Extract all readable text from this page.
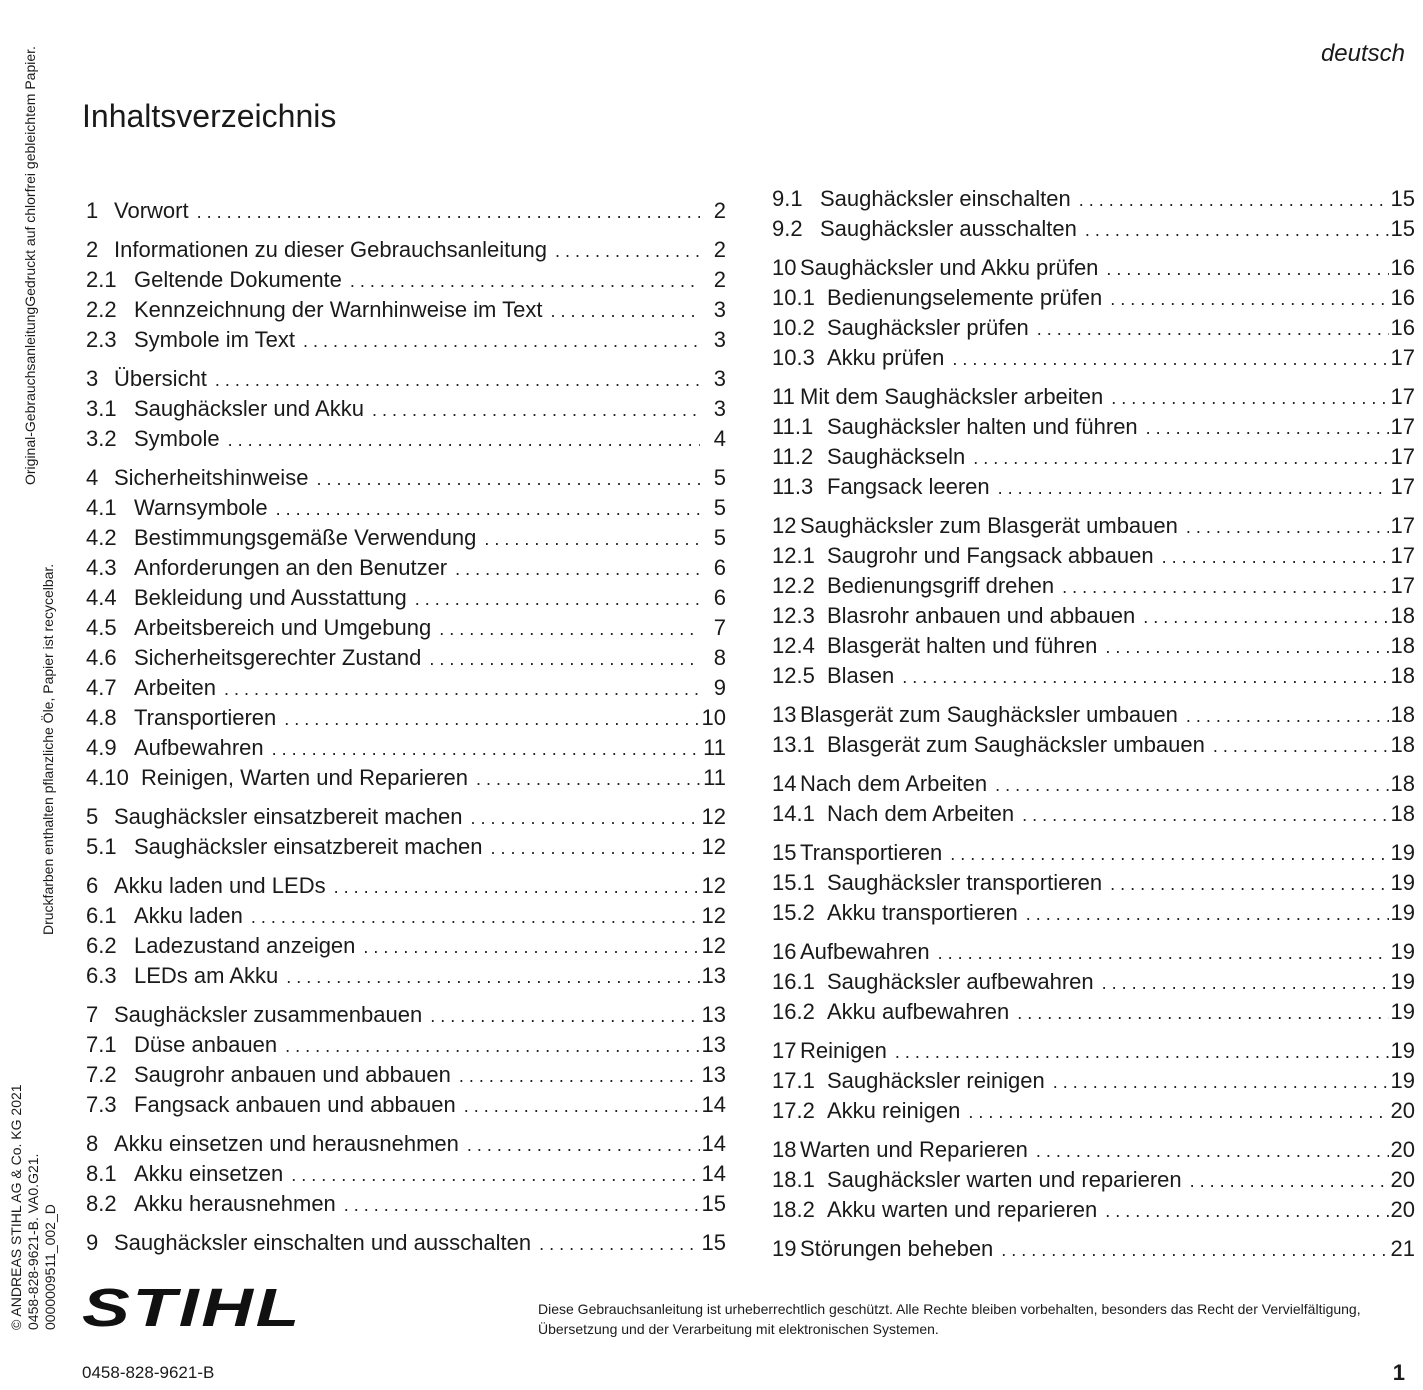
deutsch
Inhaltsverzeichnis
Original-GebrauchsanleitungGedruckt auf chlorfrei gebleichtem Papier.
Druckfarben enthalten pflanzliche Öle, Papier ist recycelbar.
© ANDREAS STIHL AG & Co. KG 2021 0458-828-9621-B. VA0.G21. 0000009511_002_D
1 Vorwort . . .	2
2 Informationen zu dieser Gebrauchsanleitung . . .	2
2.1 Geltende Dokumente . . .	2
2.2 Kennzeichnung der Warnhinweise im Text . . .	3
2.3 Symbole im Text . . .	3
3 Übersicht . . .	3
3.1 Saughäcksler und Akku . . .	3
3.2 Symbole . . .	4
4 Sicherheitshinweise . . .	5
4.1 Warnsymbole . . .	5
4.2 Bestimmungsgemäße Verwendung . . .	5
4.3 Anforderungen an den Benutzer . . .	6
4.4 Bekleidung und Ausstattung . . .	6
4.5 Arbeitsbereich und Umgebung . . .	7
4.6 Sicherheitsgerechter Zustand . . .	8
4.7 Arbeiten . . .	9
4.8 Transportieren . . .	10
4.9 Aufbewahren . . .	11
4.10 Reinigen, Warten und Reparieren . . .	11
5 Saughäcksler einsatzbereit machen . . .	12
5.1 Saughäcksler einsatzbereit machen . . .	12
6 Akku laden und LEDs . . .	12
6.1 Akku laden . . .	12
6.2 Ladezustand anzeigen . . .	12
6.3 LEDs am Akku . . .	13
7 Saughäcksler zusammenbauen . . .	13
7.1 Düse anbauen . . .	13
7.2 Saugrohr anbauen und abbauen . . .	13
7.3 Fangsack anbauen und abbauen . . .	14
8 Akku einsetzen und herausnehmen . . .	14
8.1 Akku einsetzen . . .	14
8.2 Akku herausnehmen . . .	15
9 Saughäcksler einschalten und ausschalten . . .	15
9.1 Saughäcksler einschalten . . .	15
9.2 Saughäcksler ausschalten . . .	15
10 Saughäcksler und Akku prüfen . . .	16
10.1 Bedienungselemente prüfen . . .	16
10.2 Saughäcksler prüfen . . .	16
10.3 Akku prüfen . . .	17
11 Mit dem Saughäcksler arbeiten . . .	17
11.1 Saughäcksler halten und führen . . .	17
11.2 Saughäckseln . . .	17
11.3 Fangsack leeren . . .	17
12 Saughäcksler zum Blasgerät umbauen . . .	17
12.1 Saugrohr und Fangsack abbauen . . .	17
12.2 Bedienungsgriff drehen . . .	17
12.3 Blasrohr anbauen und abbauen . . .	18
12.4 Blasgerät halten und führen . . .	18
12.5 Blasen . . .	18
13 Blasgerät zum Saughäcksler umbauen . . .	18
13.1 Blasgerät zum Saughäcksler umbauen . . .	18
14 Nach dem Arbeiten . . .	18
14.1 Nach dem Arbeiten . . .	18
15 Transportieren . . .	19
15.1 Saughäcksler transportieren . . .	19
15.2 Akku transportieren . . .	19
16 Aufbewahren . . .	19
16.1 Saughäcksler aufbewahren . . .	19
16.2 Akku aufbewahren . . .	19
17 Reinigen . . .	19
17.1 Saughäcksler reinigen . . .	19
17.2 Akku reinigen . . .	20
18 Warten und Reparieren . . .	20
18.1 Saughäcksler warten und reparieren . . .	20
18.2 Akku warten und reparieren . . .	20
19 Störungen beheben . . .	21
STIHL	Diese Gebrauchsanleitung ist urheberrechtlich geschützt. Alle Rechte bleiben vorbehalten, besonders das Recht der Vervielfältigung, Übersetzung und der Verarbeitung mit elektronischen Systemen.
0458-828-9621-B	1
